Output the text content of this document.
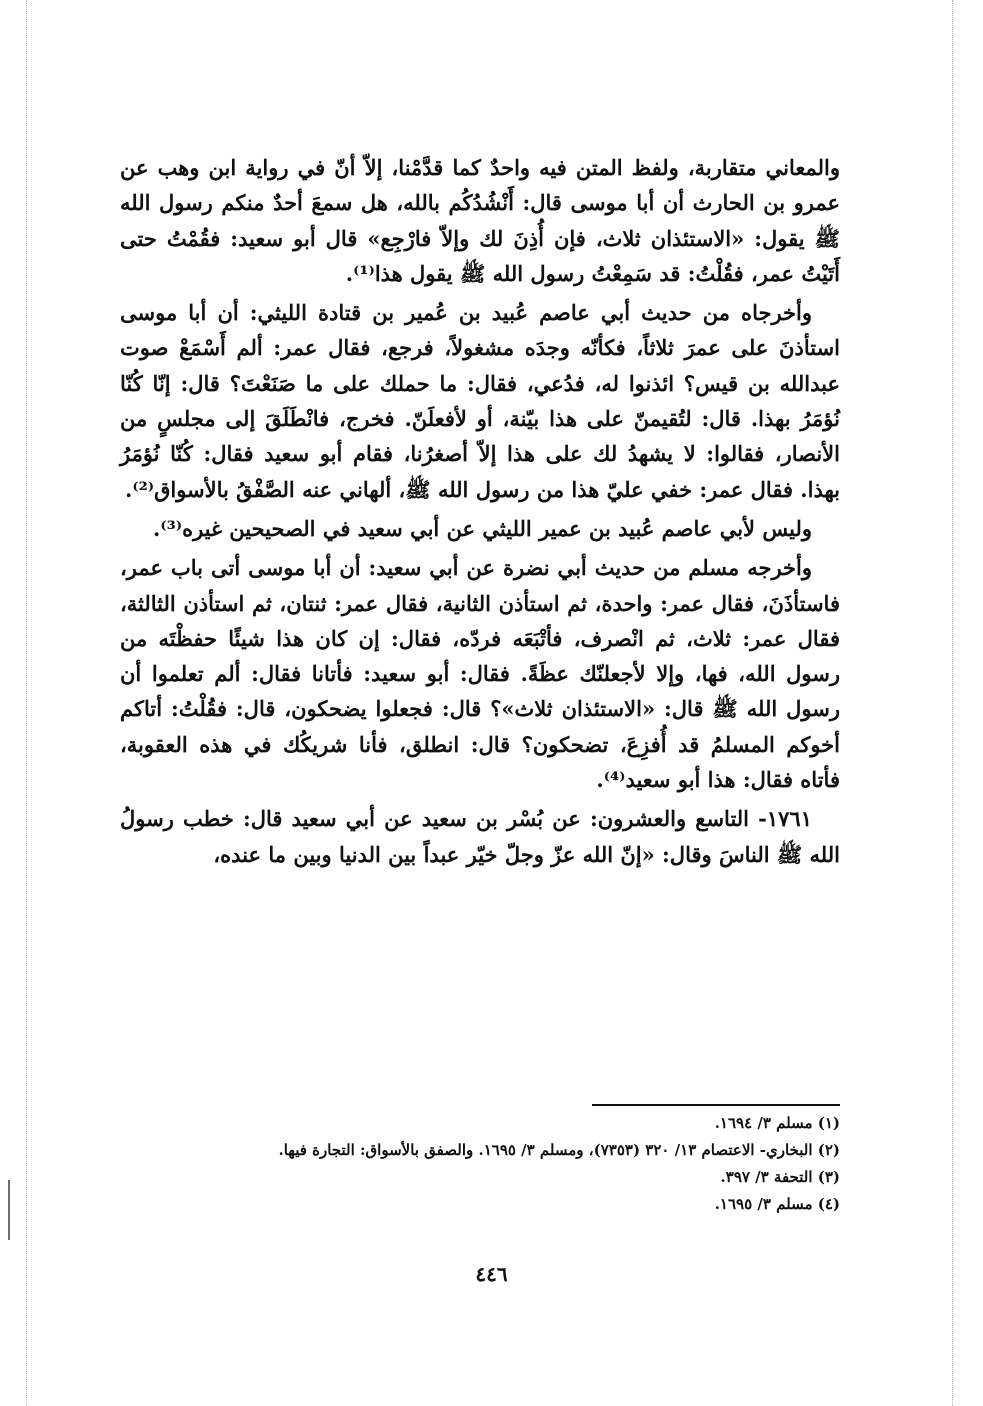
والمعاني متقاربة، ولفظ المتن فيه واحدٌ كما قدَّمْنا، إلاّ أنّ في رواية ابن وهب عن عمرو بن الحارث أن أبا موسى قال: أَنْشُدُكُم بالله، هل سمعَ أحدٌ منكم رسول الله ﷺ يقول: «الاستئذان ثلاث، فإن أُذِنَ لك وإلاّ فارْجِع» قال أبو سعيد: فقُمْتُ حتى أَتَيْتُ عمر، فقُلْتُ: قد سَمِعْتُ رسول الله ﷺ يقول هذا⁽¹⁾.

وأخرجاه من حديث أبي عاصم عُبيد بن عُمير بن قتادة الليثي: أن أبا موسى استأذنَ على عمرَ ثلاثاً، فكأنّه وجدَه مشغولاً، فرجع، فقال عمر: ألم أَسْمَعْ صوت عبدالله بن قيس؟ ائذنوا له، فدُعي، فقال: ما حملك على ما صَنَعْتَ؟ قال: إنّا كُنّا نُؤمَرُ بهذا. قال: لتُقيمنّ على هذا بيّنة، أو لأفعلَنّ. فخرج، فانْطَلَقَ إلى مجلسٍ من الأنصار، فقالوا: لا يشهدُ لك على هذا إلاّ أصغرُنا، فقام أبو سعيد فقال: كُنّا نُؤمَرُ بهذا. فقال عمر: خفي عليّ هذا من رسول الله ﷺ، ألهاني عنه الصَّفْقُ بالأسواق⁽²⁾.

وليس لأبي عاصم عُبيد بن عمير الليثي عن أبي سعيد في الصحيحين غيره⁽³⁾.

وأخرجه مسلم من حديث أبي نضرة عن أبي سعيد: أن أبا موسى أتى باب عمر، فاستأذَنَ، فقال عمر: واحدة، ثم استأذن الثانية، فقال عمر: ثنتان، ثم استأذن الثالثة، فقال عمر: ثلاث، ثم انْصرف، فأتْبَعَه فردّه، فقال: إن كان هذا شيئًا حفظْتَه من رسول الله، فها، وإلا لأجعلنّك عظَةً. فقال: أبو سعيد: فأتانا فقال: ألم تعلموا أن رسول الله ﷺ قال: «الاستئذان ثلاث»؟ قال: فجعلوا يضحكون، قال: فقُلْتُ: أتاكم أخوكم المسلمُ قد أُفزِعَ، تضحكون؟ قال: انطلق، فأنا شريكُك في هذه العقوبة، فأتاه فقال: هذا أبو سعيد⁽⁴⁾.

١٧٦١- التاسع والعشرون: عن بُسْر بن سعيد عن أبي سعيد قال: خطب رسولُ الله ﷺ الناسَ وقال: «إنّ الله عزّ وجلّ خيّر عبداً بين الدنيا وبين ما عنده،

(١) مسلم ٣/ ١٦٩٤.

(٢) البخاري- الاعتصام ١٣/ ٣٢٠ (٧٣٥٣)، ومسلم ٣/ ١٦٩٥. والصفق بالأسواق: التجارة فيها.

(٣) التحفة ٣/ ٣٩٧.

(٤) مسلم ٣/ ١٦٩٥.

٤٤٦
